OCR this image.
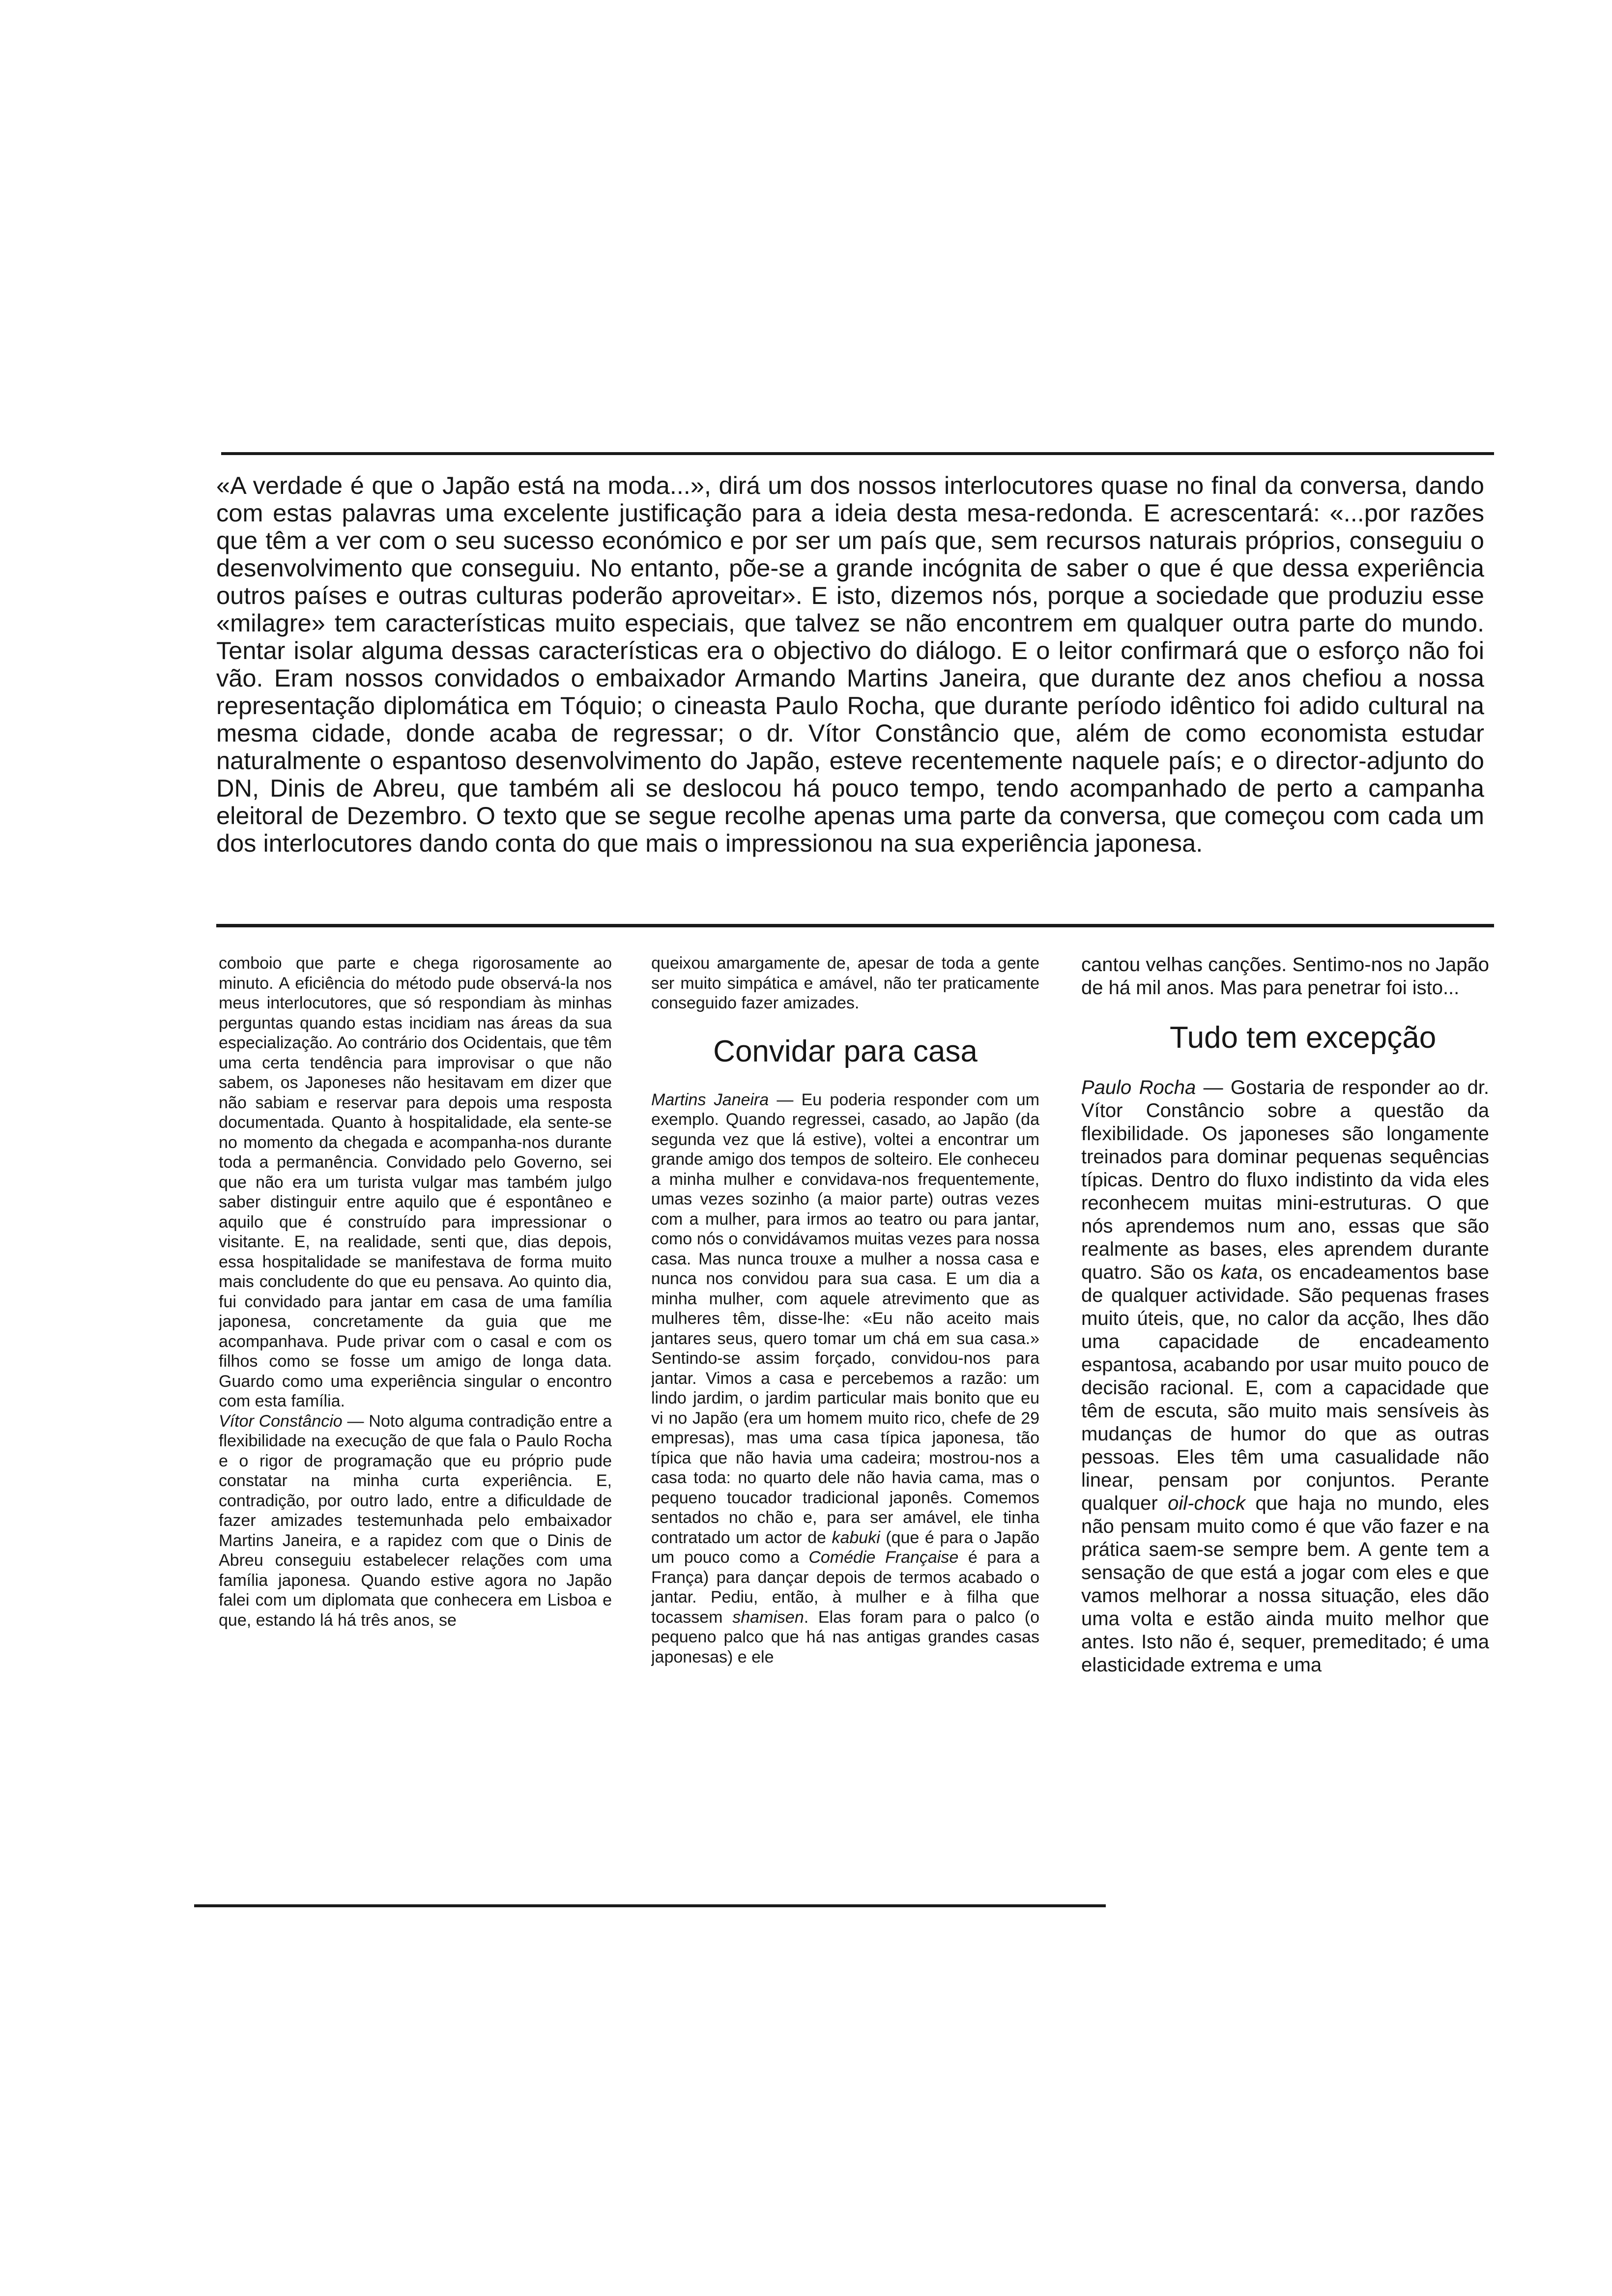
«A verdade é que o Japão está na moda...», dirá um dos nossos interlocutores quase no final da conversa, dando com estas palavras uma excelente justificação para a ideia desta mesa-redonda. E acrescentará: «...por razões que têm a ver com o seu sucesso económico e por ser um país que, sem recursos naturais próprios, conseguiu o desenvolvimento que conseguiu. No entanto, põe-se a grande incógnita de saber o que é que dessa experiência outros países e outras culturas poderão aproveitar». E isto, dizemos nós, porque a sociedade que produziu esse «milagre» tem características muito especiais, que talvez se não encontrem em qualquer outra parte do mundo. Tentar isolar alguma dessas características era o objectivo do diálogo. E o leitor confirmará que o esforço não foi vão. Eram nossos convidados o embaixador Armando Martins Janeira, que durante dez anos chefiou a nossa representação diplomática em Tóquio; o cineasta Paulo Rocha, que durante período idêntico foi adido cultural na mesma cidade, donde acaba de regressar; o dr. Vítor Constâncio que, além de como economista estudar naturalmente o espantoso desenvolvimento do Japão, esteve recentemente naquele país; e o director-adjunto do DN, Dinis de Abreu, que também ali se deslocou há pouco tempo, tendo acompanhado de perto a campanha eleitoral de Dezembro. O texto que se segue recolhe apenas uma parte da conversa, que começou com cada um dos interlocutores dando conta do que mais o impressionou na sua experiência japonesa.

comboio que parte e chega rigorosamente ao minuto. A eficiência do método pude observá-la nos meus interlocutores, que só respondiam às minhas perguntas quando estas incidiam nas áreas da sua especialização. Ao contrário dos Ocidentais, que têm uma certa tendência para improvisar o que não sabem, os Japoneses não hesitavam em dizer que não sabiam e reservar para depois uma resposta documentada. Quanto à hospitalidade, ela sente-se no momento da chegada e acompanha-nos durante toda a permanência. Convidado pelo Governo, sei que não era um turista vulgar mas também julgo saber distinguir entre aquilo que é espontâneo e aquilo que é construído para impressionar o visitante. E, na realidade, senti que, dias depois, essa hospitalidade se manifestava de forma muito mais concludente do que eu pensava. Ao quinto dia, fui convidado para jantar em casa de uma família japonesa, concretamente da guia que me acompanhava. Pude privar com o casal e com os filhos como se fosse um amigo de longa data. Guardo como uma experiência singular o encontro com esta família.

Vítor Constâncio — Noto alguma contradição entre a flexibilidade na execução de que fala o Paulo Rocha e o rigor de programação que eu próprio pude constatar na minha curta experiência. E, contradição, por outro lado, entre a dificuldade de fazer amizades testemunhada pelo embaixador Martins Janeira, e a rapidez com que o Dinis de Abreu conseguiu estabelecer relações com uma família japonesa. Quando estive agora no Japão falei com um diplomata que conhecera em Lisboa e que, estando lá há três anos, se

queixou amargamente de, apesar de toda a gente ser muito simpática e amável, não ter praticamente conseguido fazer amizades.

Convidar para casa

Martins Janeira — Eu poderia responder com um exemplo. Quando regressei, casado, ao Japão (da segunda vez que lá estive), voltei a encontrar um grande amigo dos tempos de solteiro. Ele conheceu a minha mulher e convidava-nos frequentemente, umas vezes sozinho (a maior parte) outras vezes com a mulher, para irmos ao teatro ou para jantar, como nós o convidávamos muitas vezes para nossa casa. Mas nunca trouxe a mulher a nossa casa e nunca nos convidou para sua casa. E um dia a minha mulher, com aquele atrevimento que as mulheres têm, disse-lhe: «Eu não aceito mais jantares seus, quero tomar um chá em sua casa.» Sentindo-se assim forçado, convidou-nos para jantar. Vimos a casa e percebemos a razão: um lindo jardim, o jardim particular mais bonito que eu vi no Japão (era um homem muito rico, chefe de 29 empresas), mas uma casa típica japonesa, tão típica que não havia uma cadeira; mostrou-nos a casa toda: no quarto dele não havia cama, mas o pequeno toucador tradicional japonês. Comemos sentados no chão e, para ser amável, ele tinha contratado um actor de kabuki (que é para o Japão um pouco como a Comédie Française é para a França) para dançar depois de termos acabado o jantar. Pediu, então, à mulher e à filha que tocassem shamisen. Elas foram para o palco (o pequeno palco que há nas antigas grandes casas japonesas) e ele

cantou velhas canções. Sentimo-nos no Japão de há mil anos. Mas para penetrar foi isto...

Tudo tem excepção

Paulo Rocha — Gostaria de responder ao dr. Vítor Constâncio sobre a questão da flexibilidade. Os japoneses são longamente treinados para dominar pequenas sequências típicas. Dentro do fluxo indistinto da vida eles reconhecem muitas mini-estruturas. O que nós aprendemos num ano, essas que são realmente as bases, eles aprendem durante quatro. São os kata, os encadeamentos base de qualquer actividade. São pequenas frases muito úteis, que, no calor da acção, lhes dão uma capacidade de encadeamento espantosa, acabando por usar muito pouco de decisão racional. E, com a capacidade que têm de escuta, são muito mais sensíveis às mudanças de humor do que as outras pessoas. Eles têm uma casualidade não linear, pensam por conjuntos. Perante qualquer oil-chock que haja no mundo, eles não pensam muito como é que vão fazer e na prática saem-se sempre bem. A gente tem a sensação de que está a jogar com eles e que vamos melhorar a nossa situação, eles dão uma volta e estão ainda muito melhor que antes. Isto não é, sequer, premeditado; é uma elasticidade extrema e uma
